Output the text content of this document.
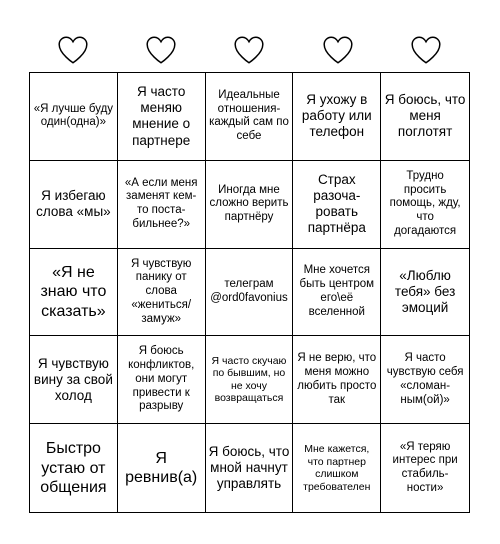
«Я лучше буду один(одна)»
Я часто меняю мнение о партнере
Идеальные отношения-каждый сам по себе
Я ухожу в работу или телефон
Я боюсь, что меня поглотят
Я избегаю слова «мы»
«А если меня заменят кем-то поста-бильнее?»
Иногда мне сложно верить партнёру
Страх разоча-ровать партнёра
Трудно просить помощь, жду, что догадаются
«Я не знаю что сказать»
Я чувствую панику от слова «жениться/ замуж»
телеграм @ord0favonius
Мне хочется быть центром его\её вселенной
«Люблю тебя» без эмоций
Я чувствую вину за свой холод
Я боюсь конфликтов, они могут привести к разрыву
Я часто скучаю по бывшим, но не хочу возвращаться
Я не верю, что меня можно любить просто так
Я часто чувствую себя «сломан-ным(ой)»
Быстро устаю от общения
Я ревнив(а)
Я боюсь, что мной начнут управлять
Мне кажется, что партнер слишком требователен
«Я теряю интерес при стабиль-ности»
